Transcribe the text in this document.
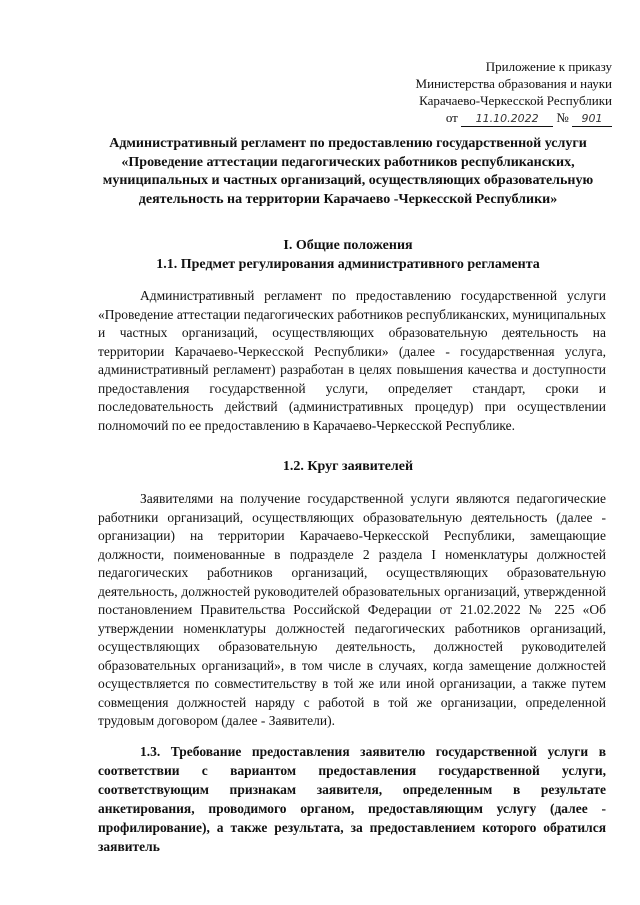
Приложение к приказу
Министерства образования и науки
Карачаево-Черкесской Республики
от 11.10.2022 № 901
Административный регламент по предоставлению государственной услуги «Проведение аттестации педагогических работников республиканских, муниципальных и частных организаций, осуществляющих образовательную деятельность на территории Карачаево -Черкесской Республики»
I. Общие положения
1.1. Предмет регулирования административного регламента

Административный регламент по предоставлению государственной услуги «Проведение аттестации педагогических работников республиканских, муниципальных и частных организаций, осуществляющих образовательную деятельность на территории Карачаево-Черкесской Республики» (далее - государственная услуга, административный регламент) разработан в целях повышения качества и доступности предоставления государственной услуги, определяет стандарт, сроки и последовательность действий (административных процедур) при осуществлении полномочий по ее предоставлению в Карачаево-Черкесской Республике.

1.2. Круг заявителей

Заявителями на получение государственной услуги являются педагогические работники организаций, осуществляющих образовательную деятельность (далее - организации) на территории Карачаево-Черкесской Республики, замещающие должности, поименованные в подразделе 2 раздела I номенклатуры должностей педагогических работников организаций, осуществляющих образовательную деятельность, должностей руководителей образовательных организаций, утвержденной постановлением Правительства Российской Федерации от 21.02.2022 № 225 «Об утверждении номенклатуры должностей педагогических работников организаций, осуществляющих образовательную деятельность, должностей руководителей образовательных организаций», в том числе в случаях, когда замещение должностей осуществляется по совместительству в той же или иной организации, а также путем совмещения должностей наряду с работой в той же организации, определенной трудовым договором (далее - Заявители).

1.3. Требование предоставления заявителю государственной услуги в соответствии с вариантом предоставления государственной услуги, соответствующим признакам заявителя, определенным в результате анкетирования, проводимого органом, предоставляющим услугу (далее - профилирование), а также результата, за предоставлением которого обратился заявитель
